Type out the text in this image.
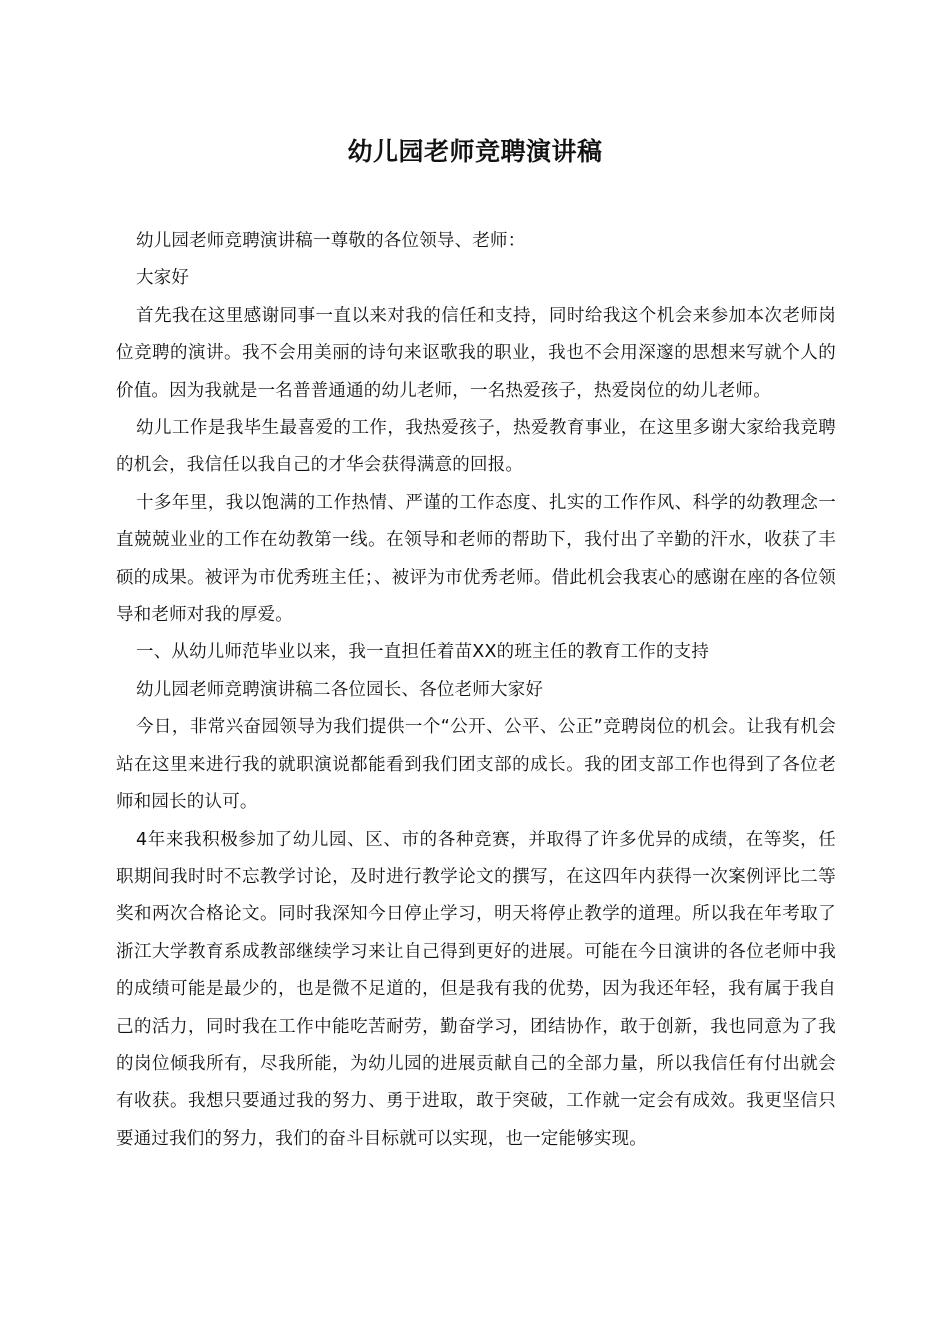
幼儿园老师竞聘演讲稿

幼儿园老师竞聘演讲稿一尊敬的各位领导、老师：

大家好

首先我在这里感谢同事一直以来对我的信任和支持，同时给我这个机会来参加本次老师岗位竞聘的演讲。我不会用美丽的诗句来讴歌我的职业，我也不会用深邃的思想来写就个人的价值。因为我就是一名普普通通的幼儿老师，一名热爱孩子，热爱岗位的幼儿老师。

幼儿工作是我毕生最喜爱的工作，我热爱孩子，热爱教育事业，在这里多谢大家给我竞聘的机会，我信任以我自己的才华会获得满意的回报。

十多年里，我以饱满的工作热情、严谨的工作态度、扎实的工作作风、科学的幼教理念一直兢兢业业的工作在幼教第一线。在领导和老师的帮助下，我付出了辛勤的汗水，收获了丰硕的成果。被评为市优秀班主任；、被评为市优秀老师。借此机会我衷心的感谢在座的各位领导和老师对我的厚爱。

一、从幼儿师范毕业以来，我一直担任着苗XX的班主任的教育工作的支持

幼儿园老师竞聘演讲稿二各位园长、各位老师大家好

今日，非常兴奋园领导为我们提供一个“公开、公平、公正”竞聘岗位的机会。让我有机会站在这里来进行我的就职演说都能看到我们团支部的成长。我的团支部工作也得到了各位老师和园长的认可。

4年来我积极参加了幼儿园、区、市的各种竞赛，并取得了许多优异的成绩，在等奖，任职期间我时时不忘教学讨论，及时进行教学论文的撰写，在这四年内获得一次案例评比二等奖和两次合格论文。同时我深知今日停止学习，明天将停止教学的道理。所以我在年考取了浙江大学教育系成教部继续学习来让自己得到更好的进展。可能在今日演讲的各位老师中我的成绩可能是最少的，也是微不足道的，但是我有我的优势，因为我还年轻，我有属于我自己的活力，同时我在工作中能吃苦耐劳，勤奋学习，团结协作，敢于创新，我也同意为了我的岗位倾我所有，尽我所能，为幼儿园的进展贡献自己的全部力量，所以我信任有付出就会有收获。我想只要通过我的努力、勇于进取，敢于突破，工作就一定会有成效。我更坚信只要通过我们的努力，我们的奋斗目标就可以实现，也一定能够实现。
